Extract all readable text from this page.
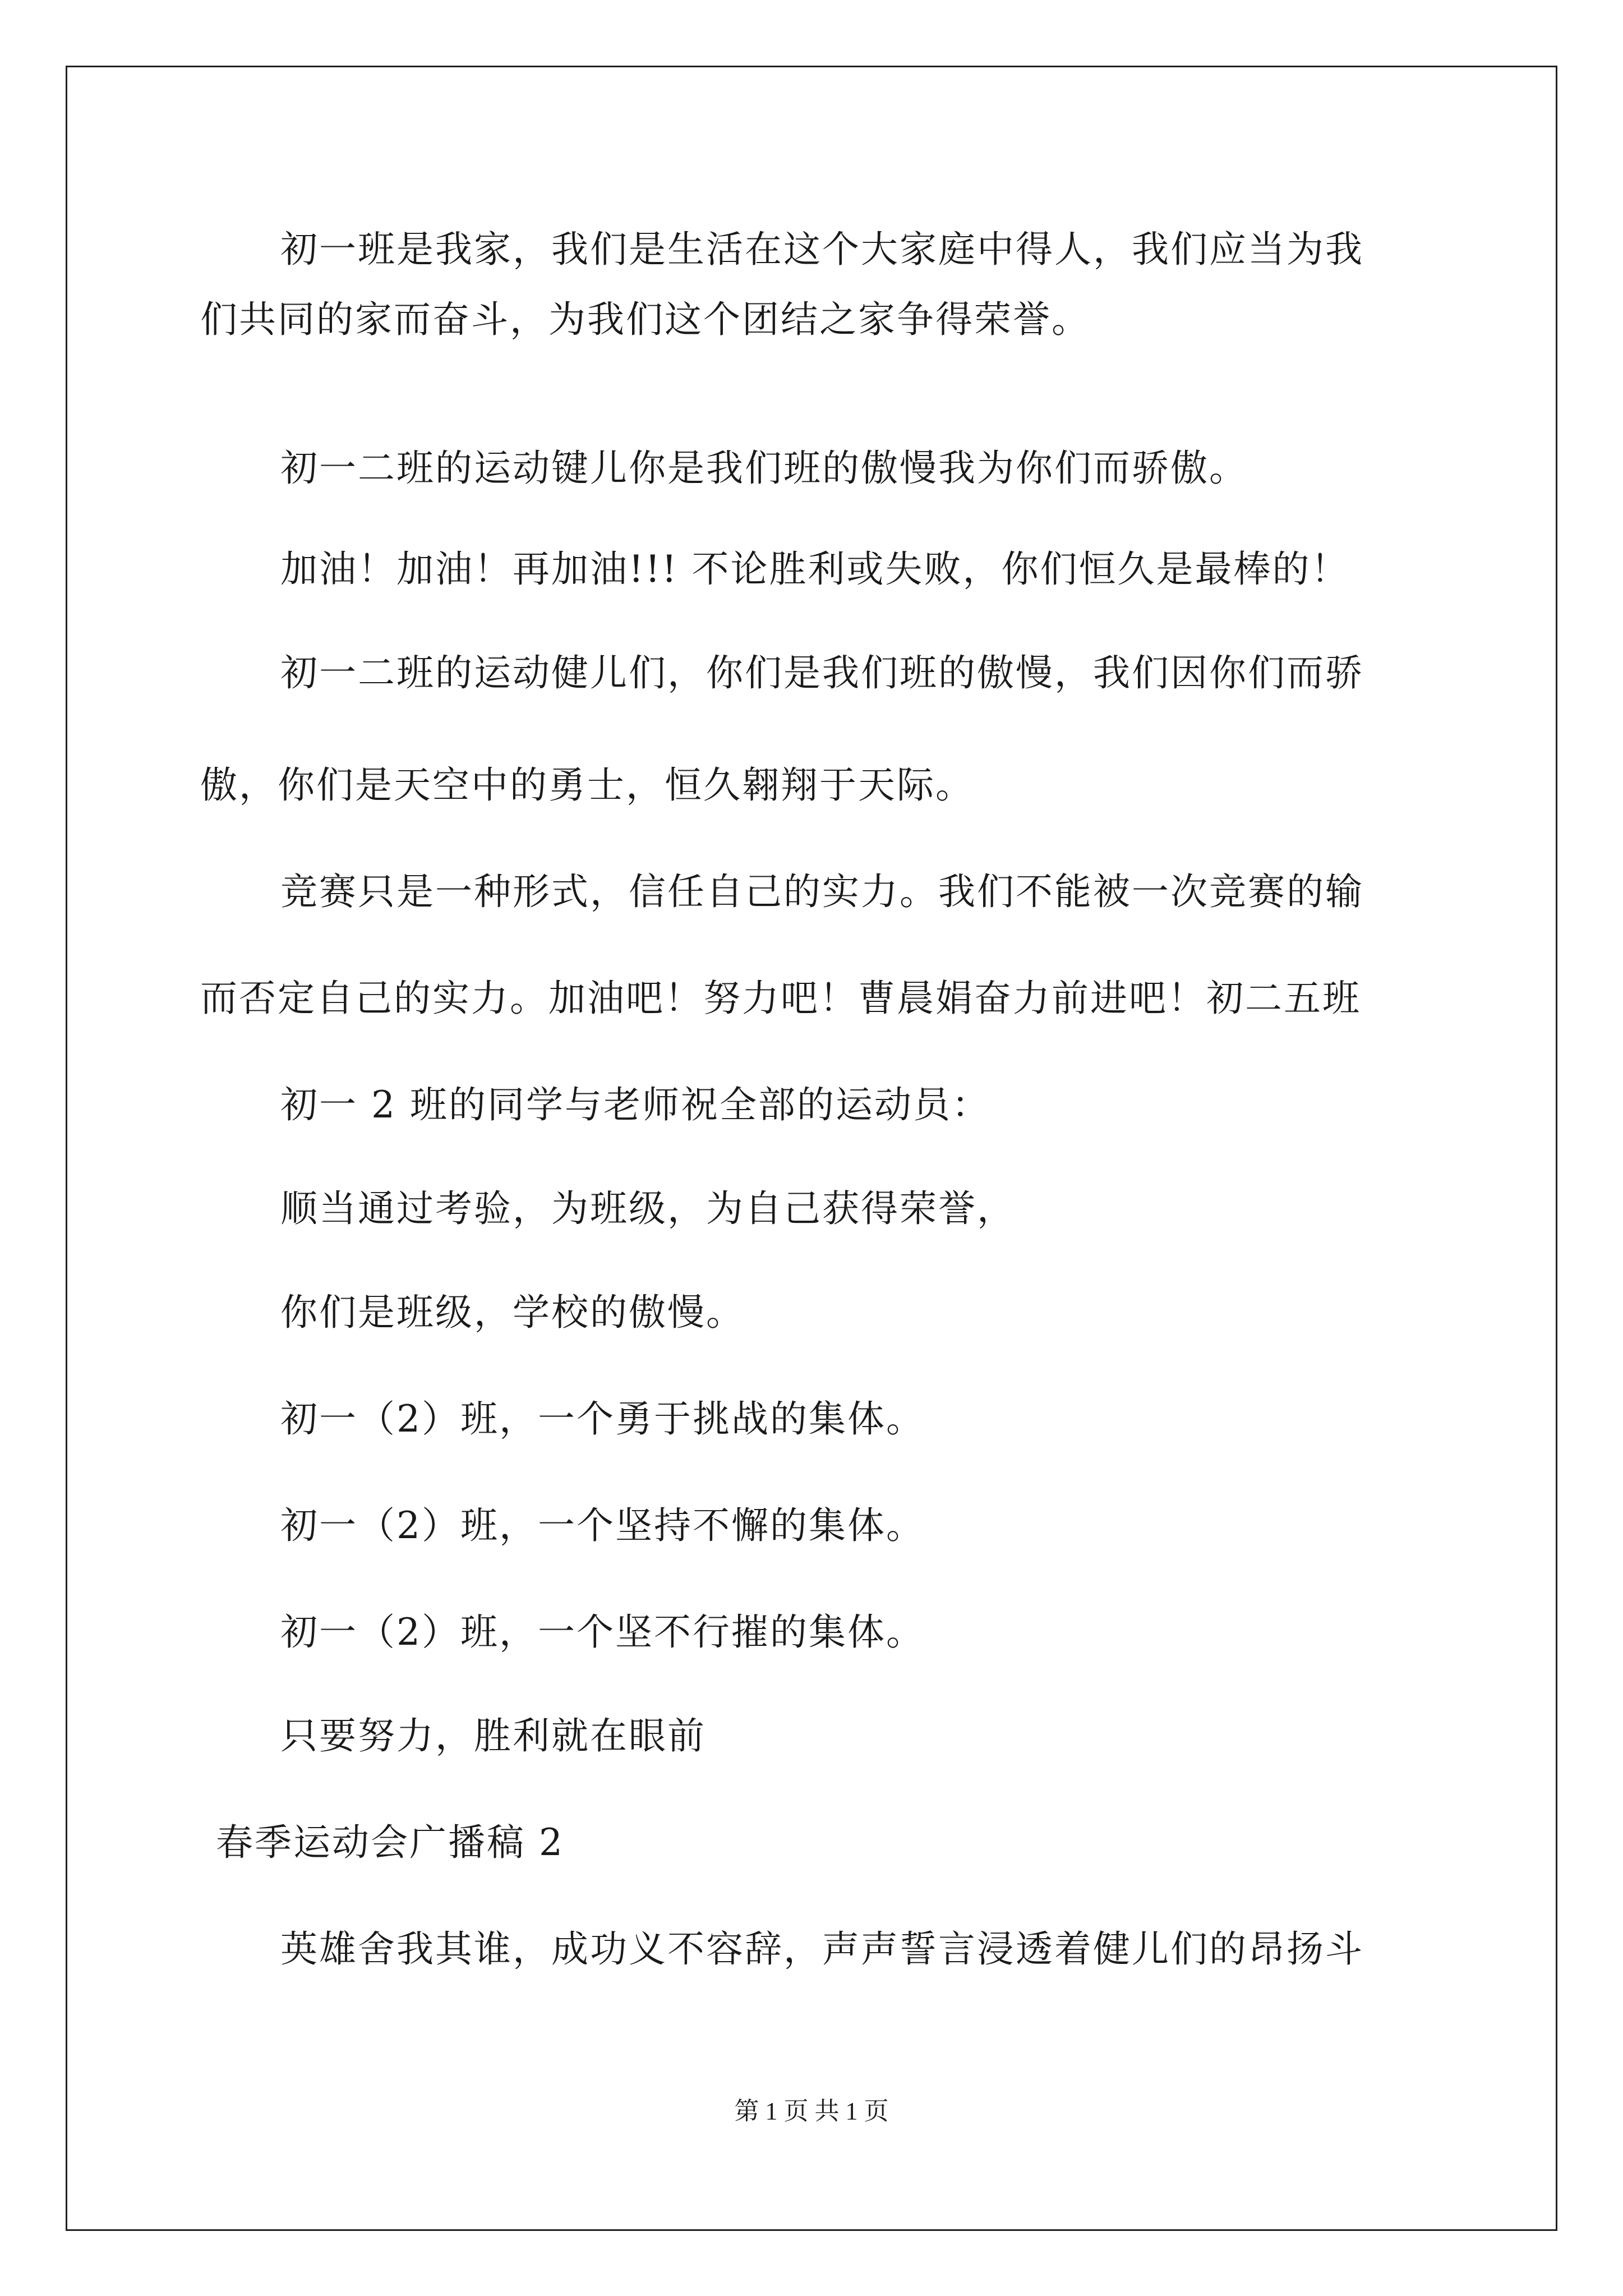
初一班是我家，我们是生活在这个大家庭中得人，我们应当为我
们共同的家而奋斗，为我们这个团结之家争得荣誉。
初一二班的运动键儿你是我们班的傲慢我为你们而骄傲。
加油！加油！再加油!!! 不论胜利或失败，你们恒久是最棒的！
初一二班的运动健儿们，你们是我们班的傲慢，我们因你们而骄
傲，你们是天空中的勇士，恒久翱翔于天际。
竞赛只是一种形式，信任自己的实力。我们不能被一次竞赛的输
而否定自己的实力。加油吧！努力吧！曹晨娟奋力前进吧！初二五班
初一 2 班的同学与老师祝全部的运动员：
顺当通过考验，为班级，为自己获得荣誉，
你们是班级，学校的傲慢。
初一（2）班，一个勇于挑战的集体。
初一（2）班，一个坚持不懈的集体。
初一（2）班，一个坚不行摧的集体。
只要努力，胜利就在眼前
春季运动会广播稿 2
英雄舍我其谁，成功义不容辞，声声誓言浸透着健儿们的昂扬斗
第 1 页 共 1 页
